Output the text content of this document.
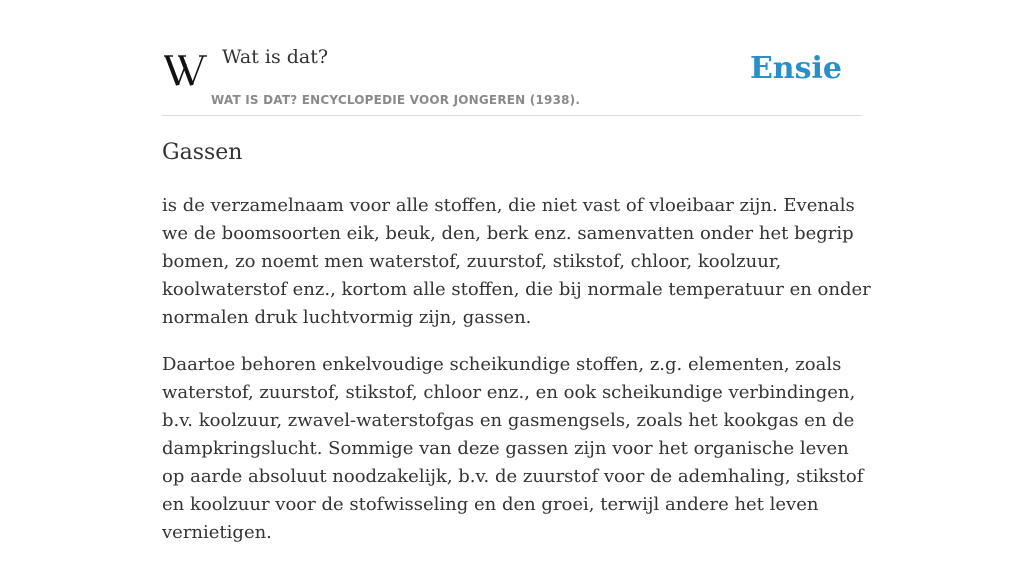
Wat is dat?
WAT IS DAT? ENCYCLOPEDIE VOOR JONGEREN (1938).
Ensie
Gassen

is de verzamelnaam voor alle stoffen, die niet vast of vloeibaar zijn. Evenals we de boomsoorten eik, beuk, den, berk enz. samenvatten onder het begrip bomen, zo noemt men waterstof, zuurstof, stikstof, chloor, koolzuur, koolwaterstof enz., kortom alle stoffen, die bij normale temperatuur en onder normalen druk luchtvormig zijn, gassen.

Daartoe behoren enkelvoudige scheikundige stoffen, z.g. elementen, zoals waterstof, zuurstof, stikstof, chloor enz., en ook scheikundige verbindingen, b.v. koolzuur, zwavel-waterstofgas en gasmengsels, zoals het kookgas en de dampkringslucht. Sommige van deze gassen zijn voor het organische leven op aarde absoluut noodzakelijk, b.v. de zuurstof voor de ademhaling, stikstof en koolzuur voor de stofwisseling en den groei, terwijl andere het leven vernietigen.
